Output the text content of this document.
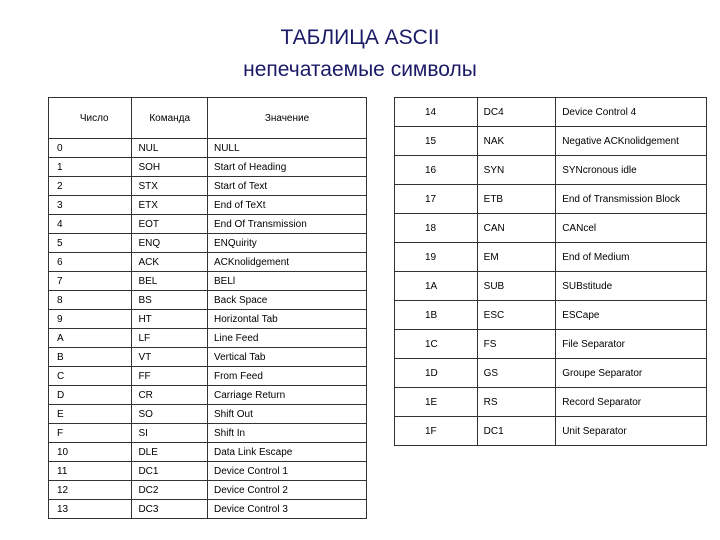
ТАБЛИЦА ASCII
непечатаемые символы
Число	Команда	Значение
0	NUL	NULL
1	SOH	Start of Heading
2	STX	Start of Text
3	ETX	End of TeXt
4	EOT	End Of Transmission
5	ENQ	ENQuirity
6	ACK	ACKnolidgement
7	BEL	BELl
8	BS	Back Space
9	HT	Horizontal Tab
A	LF	Line Feed
B	VT	Vertical Tab
C	FF	From Feed
D	CR	Carriage Return
E	SO	Shift Out
F	SI	Shift In
10	DLE	Data Link Escape
11	DC1	Device Control 1
12	DC2	Device Control 2
13	DC3	Device Control 3
14	DC4	Device Control 4
15	NAK	Negative ACKnolidgement
16	SYN	SYNcronous idle
17	ETB	End of Transmission Block
18	CAN	CANcel
19	EM	End of Medium
1A	SUB	SUBstitude
1B	ESC	ESCape
1C	FS	File Separator
1D	GS	Groupe Separator
1E	RS	Record Separator
1F	DC1	Unit Separator
